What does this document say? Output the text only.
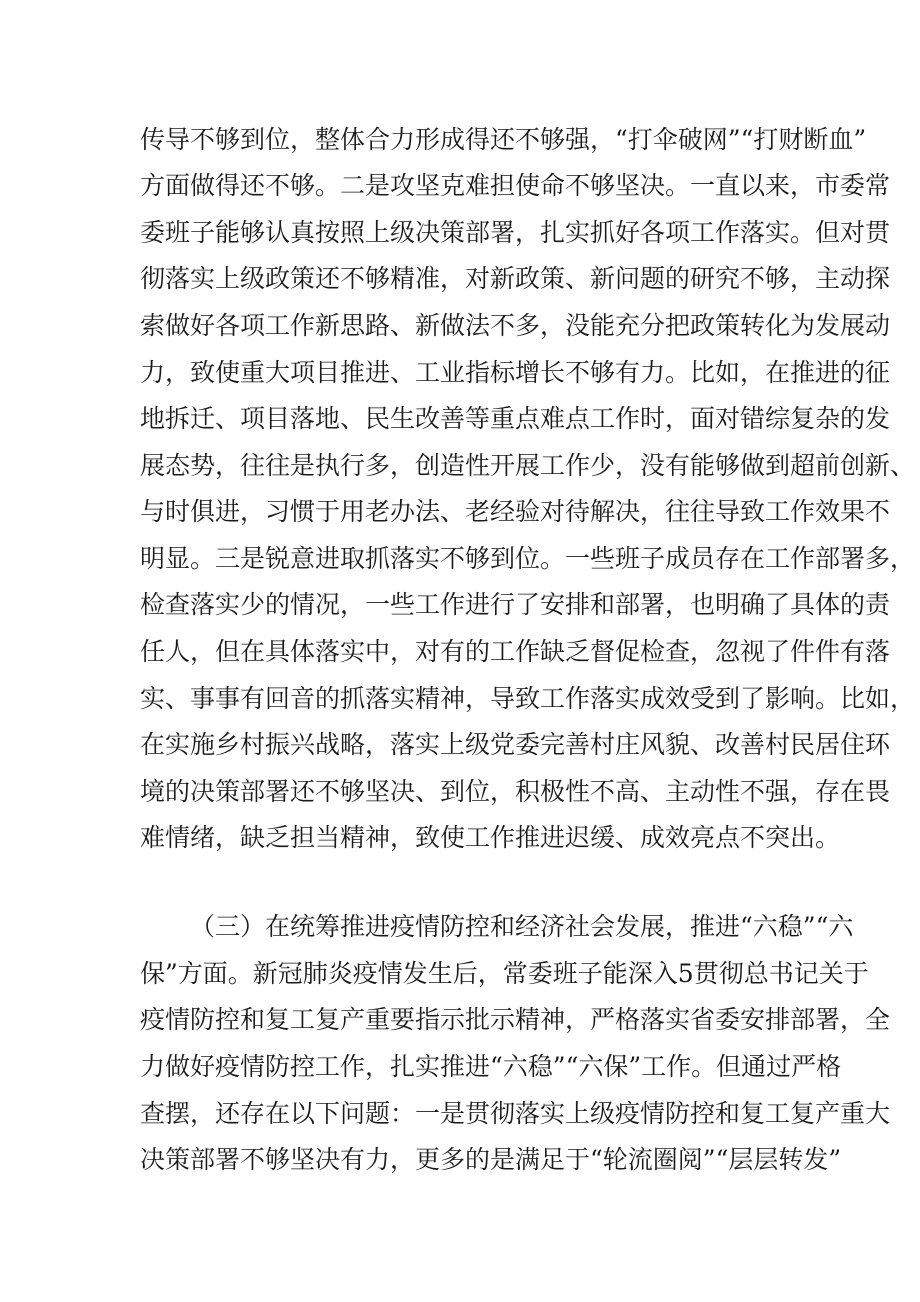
传导不够到位，整体合力形成得还不够强，“打伞破网”“打财断血”
方面做得还不够。二是攻坚克难担使命不够坚决。一直以来，市委常
委班子能够认真按照上级决策部署，扎实抓好各项工作落实。但对贯
彻落实上级政策还不够精准，对新政策、新问题的研究不够，主动探
索做好各项工作新思路、新做法不多，没能充分把政策转化为发展动
力，致使重大项目推进、工业指标增长不够有力。比如，在推进的征
地拆迁、项目落地、民生改善等重点难点工作时，面对错综复杂的发
展态势，往往是执行多，创造性开展工作少，没有能够做到超前创新、
与时俱进，习惯于用老办法、老经验对待解决，往往导致工作效果不
明显。三是锐意进取抓落实不够到位。一些班子成员存在工作部署多，
检查落实少的情况，一些工作进行了安排和部署，也明确了具体的责
任人，但在具体落实中，对有的工作缺乏督促检查，忽视了件件有落
实、事事有回音的抓落实精神，导致工作落实成效受到了影响。比如，
在实施乡村振兴战略，落实上级党委完善村庄风貌、改善村民居住环
境的决策部署还不够坚决、到位，积极性不高、主动性不强，存在畏
难情绪，缺乏担当精神，致使工作推进迟缓、成效亮点不突出。
（三）在统筹推进疫情防控和经济社会发展，推进“六稳”“六
保”方面。新冠肺炎疫情发生后，常委班子能深入5贯彻总书记关于
疫情防控和复工复产重要指示批示精神，严格落实省委安排部署，全
力做好疫情防控工作，扎实推进“六稳”“六保”工作。但通过严格
查摆，还存在以下问题：一是贯彻落实上级疫情防控和复工复产重大
决策部署不够坚决有力，更多的是满足于“轮流圈阅”“层层转发”
